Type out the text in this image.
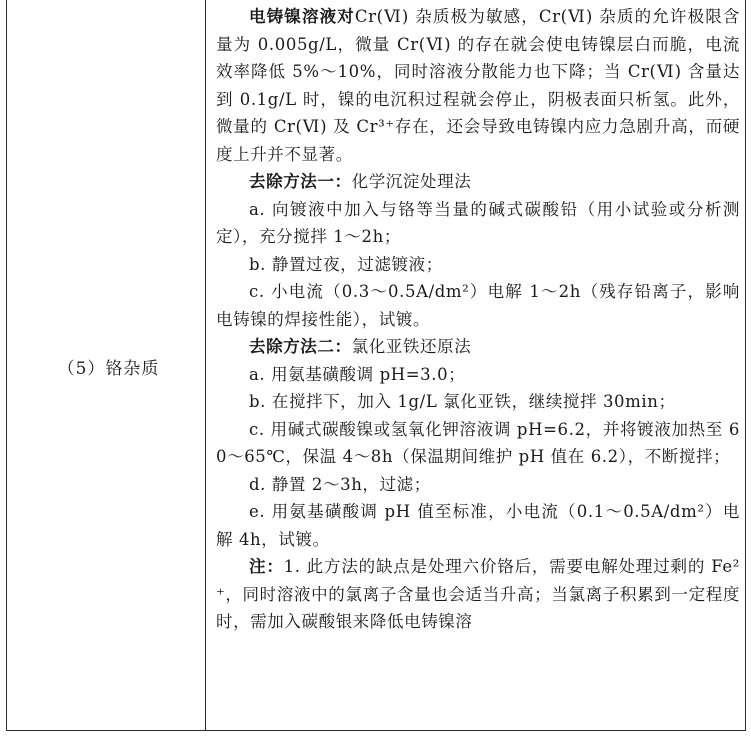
（5）铬杂质

电铸镍溶液对Cr(Ⅵ) 杂质极为敏感，Cr(Ⅵ) 杂质的允许极限含量为 0.005g/L，微量 Cr(Ⅵ) 的存在就会使电铸镍层白而脆，电流效率降低 5%～10%，同时溶液分散能力也下降；当 Cr(Ⅵ) 含量达到 0.1g/L 时，镍的电沉积过程就会停止，阴极表面只析氢。此外，微量的 Cr(Ⅵ) 及 Cr³⁺存在，还会导致电铸镍内应力急剧升高，而硬度上升并不显著。

去除方法一：化学沉淀处理法

a. 向镀液中加入与铬等当量的碱式碳酸铅（用小试验或分析测定），充分搅拌 1～2h；

b. 静置过夜，过滤镀液；

c. 小电流（0.3～0.5A/dm²）电解 1～2h（残存铅离子，影响电铸镍的焊接性能），试镀。

去除方法二：氯化亚铁还原法

a. 用氨基磺酸调 pH=3.0；

b. 在搅拌下，加入 1g/L 氯化亚铁，继续搅拌 30min；

c. 用碱式碳酸镍或氢氧化钾溶液调 pH=6.2，并将镀液加热至 60～65℃，保温 4～8h（保温期间维护 pH 值在 6.2），不断搅拌；

d. 静置 2～3h，过滤；

e. 用氨基磺酸调 pH 值至标准，小电流（0.1～0.5A/dm²）电解 4h，试镀。

注：1. 此方法的缺点是处理六价铬后，需要电解处理过剩的 Fe²⁺，同时溶液中的氯离子含量也会适当升高；当氯离子积累到一定程度时，需加入碳酸银来降低电铸镍溶
